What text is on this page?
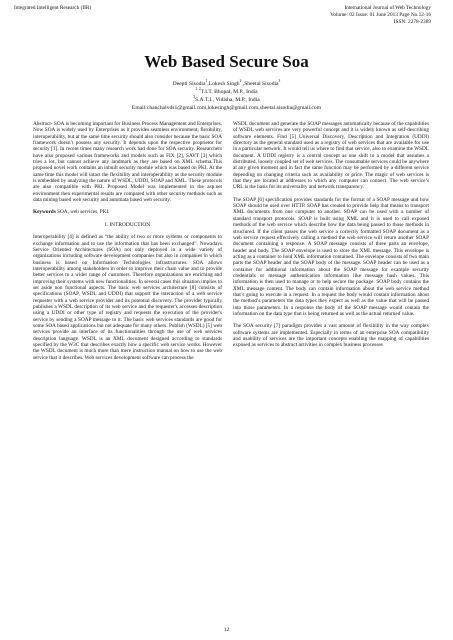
Integrated Intelligent Research (IIR)	International Journal of Web Technology
Volume: 02 Issue: 01 June 2013 Page No.12-16
ISSN: 2278-2389
Web Based Secure Soa
Deepti Sisodia$^1$,Lokesh Singh$^2$ ,Sheetal Sisodia$^3$
$^{1, 2}$T.I.T, Bhopal, M.P., India
$^3$S.A.T.I., Vidisha, M.P., India
Email:chanchalvds1@gmail.com,lokesingh@gmail.com,sheetal.sisodia@gmail.com

Abstract- SOA is becoming important for Business Process Management and Enterprises. Now SOA is widely used by Enterprises as it provides seamless environment, flexibility, interoperability, but at the same time security should also consider because the basic SOA framework doesn’t possess any security. It depends upon the respective proprietor for security [1]. In recent times many research work had done for SOA security. Researchers have also proposed various frameworks and models such as FIX [2], SAVT [3] which tries a lot, but cannot achieve any landmark as they are based on XML schema.This proposed novel work contains an inbuilt security module which was based on PKI. At the same time this model will intact the flexibility and interoperability as the security module is embedded by analyzing the nature of WSDL, UDDI, SOAP and XML. These protocols are also compatible with PKI. Proposed Model was implemented in the asp.net environment then experimental results are compared with other security methods such as data mining based web security and automata based web security.

Keywords SOA, web services, PKI.

I. INTRODUCTION

Interoperability [4] is defined as “the ability of two or more systems or components to exchange information and to use the information that has been exchanged”. Nowadays Service Oriented Architectures (SOA) not only deployed in a wide variety of organizations including software development companies but also in companies in which business is based on Information Technologies infrastructures. SOA allows interoperability among stakeholders in order to improve their chain value and to provide better services to a wider range of customers. Therefore organizations are enriching and improving their systems with new functionalities. In several cases this situation implies to set aside non functional aspects. The basic web services architecture [8] consists of specifications (SOAP, WSDL and UDDI) that support the interaction of a web service requester with a web service provider and its potential discovery. The provider typically publishes a WSDL description of its web service and the requester's accesses description using a UDDI or other type of registry and requests the execution of the provider's service by sending a SOAP message to it. The basic web services standards are good for some SOA based applications but not adequate for many others. Publish (WSDL) [5] web services provide an interface of its functionalities through the use of web services description language. WSDL is an XML document designed according to standards specified by the W3C that describes exactly how a specific web service works. However the WSDL document is much more than mere instruction manual on how to use the web service that it describes. Web services development software can process the

WSDL document and generate the SOAP messages automatically because of the capabilities of WSDL web services are very powerful concept and it is widely known as self-describing software elements. Find [5] Universal Discovery, Description and Integration (UDDI) directory as the general standard used as a registry of web services that are available for use in a particular network. It would tell us where to find that service, also to examine the WSDL document. A UDDI registry is a central concept as one shift to a model that assumes a distributed, loosely coupled set of web services. The consumable services could be anywhere at any given moment and in fact the same function may be performed by a different service depending on changing criteria such as availability or price. The magic of web services is that they are located at addresses to which any computer can connect. The web service’s URL is the basis for its universality and network transparency.

The SOAP [6] specification provides standards for the format of a SOAP message and how SOAP should be used over HTTP. SOAP has created to provide help that means to transport XML documents from one computer to another. SOAP can be used with a number of standard transport protocols. SOAP is built using XML and it is used to call exposed methods of the web service which describe how the data being passed to those methods in structured. If the client passes the web service a correctly formatted SOAP document as a web service request effectively calling a method the web service will return another SOAP document containing a response. A SOAP message consists of three parts an envelope, header and body. The SOAP envelope is used to store the XML message. This envelope is acting as a container to hold XML information contained. The envelope consists of two main parts the SOAP header and the SOAP body of the message. SOAP header can be used as a container for additional information about the SOAP message for example security credentials or message authentication information like message hash values. This information is then used to manage or to help secure the package. SOAP body contains the XML message content. The body can contain information about the web service method that’s going to execute in a request. In a request the body would contain information about the method’s parameters the data types they expect as well as the value that will be passed into those parameters. In a response the body of the SOAP message would contain the information on the data type that is being returned as well as the actual returned value.

The SOA security [7] paradigm provides a vast amount of flexibility in the way complex software systems are implemented. Especially in terms of an enterprise SOA compatibility and usability of services are the important concepts enabling the mapping of capabilities exposed as services to abstract activities in complex business processes

12
